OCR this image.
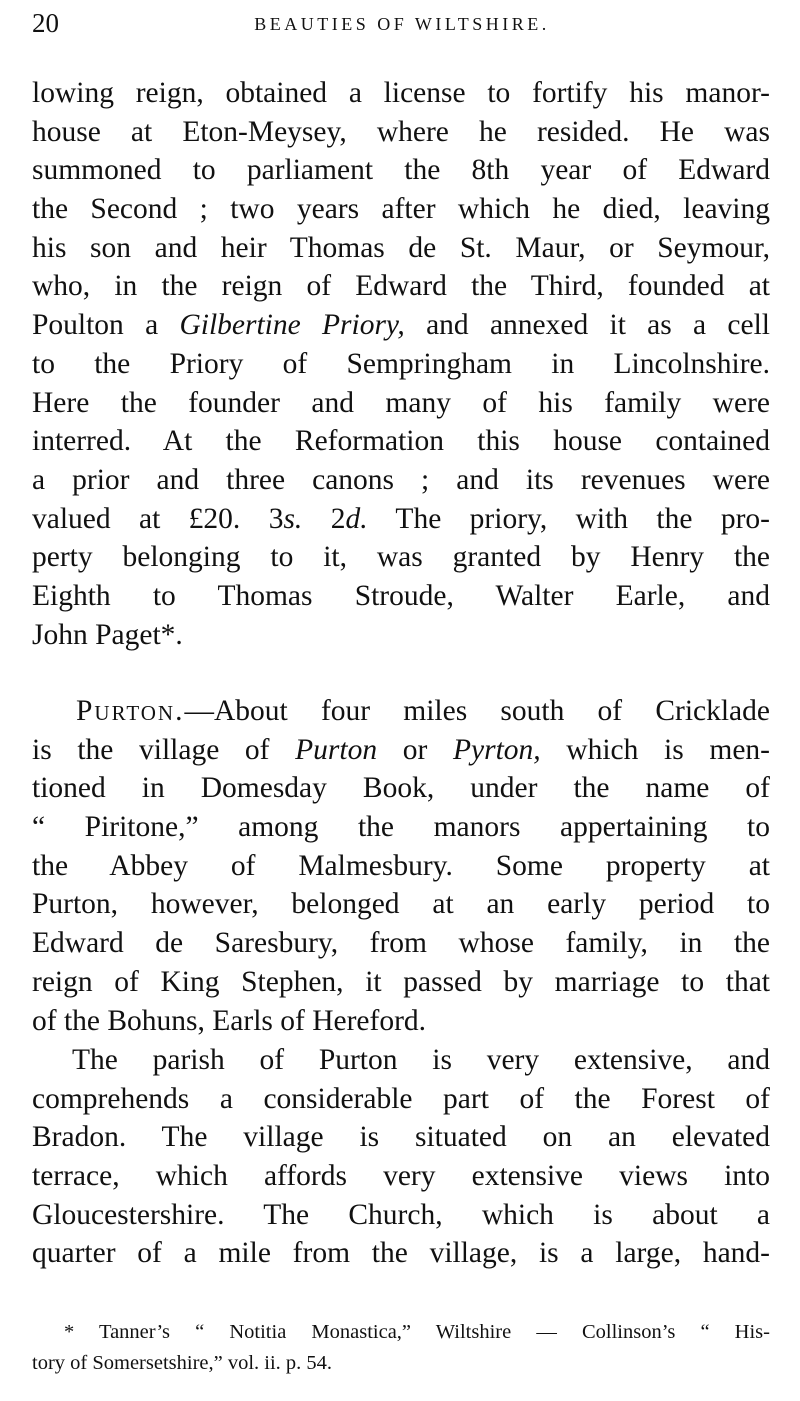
20	BEAUTIES OF WILTSHIRE.
lowing reign, obtained a license to fortify his manor-
house at Eton-Meysey, where he resided. He was
summoned to parliament the 8th year of Edward
the Second ; two years after which he died, leaving
his son and heir Thomas de St. Maur, or Seymour,
who, in the reign of Edward the Third, founded at
Poulton a Gilbertine Priory, and annexed it as a cell
to the Priory of Sempringham in Lincolnshire.
Here the founder and many of his family were
interred. At the Reformation this house contained
a prior and three canons ; and its revenues were
valued at £20. 3s. 2d. The priory, with the pro-
perty belonging to it, was granted by Henry the
Eighth to Thomas Stroude, Walter Earle, and
John Paget*.
Purton.—About four miles south of Cricklade
is the village of Purton or Pyrton, which is men-
tioned in Domesday Book, under the name of
“ Piritone,” among the manors appertaining to
the Abbey of Malmesbury. Some property at
Purton, however, belonged at an early period to
Edward de Saresbury, from whose family, in the
reign of King Stephen, it passed by marriage to that
of the Bohuns, Earls of Hereford.
The parish of Purton is very extensive, and
comprehends a considerable part of the Forest of
Bradon. The village is situated on an elevated
terrace, which affords very extensive views into
Gloucestershire. The Church, which is about a
quarter of a mile from the village, is a large, hand-
* Tanner’s “ Notitia Monastica,” Wiltshire — Collinson’s “ His-
tory of Somersetshire,” vol. ii. p. 54.
